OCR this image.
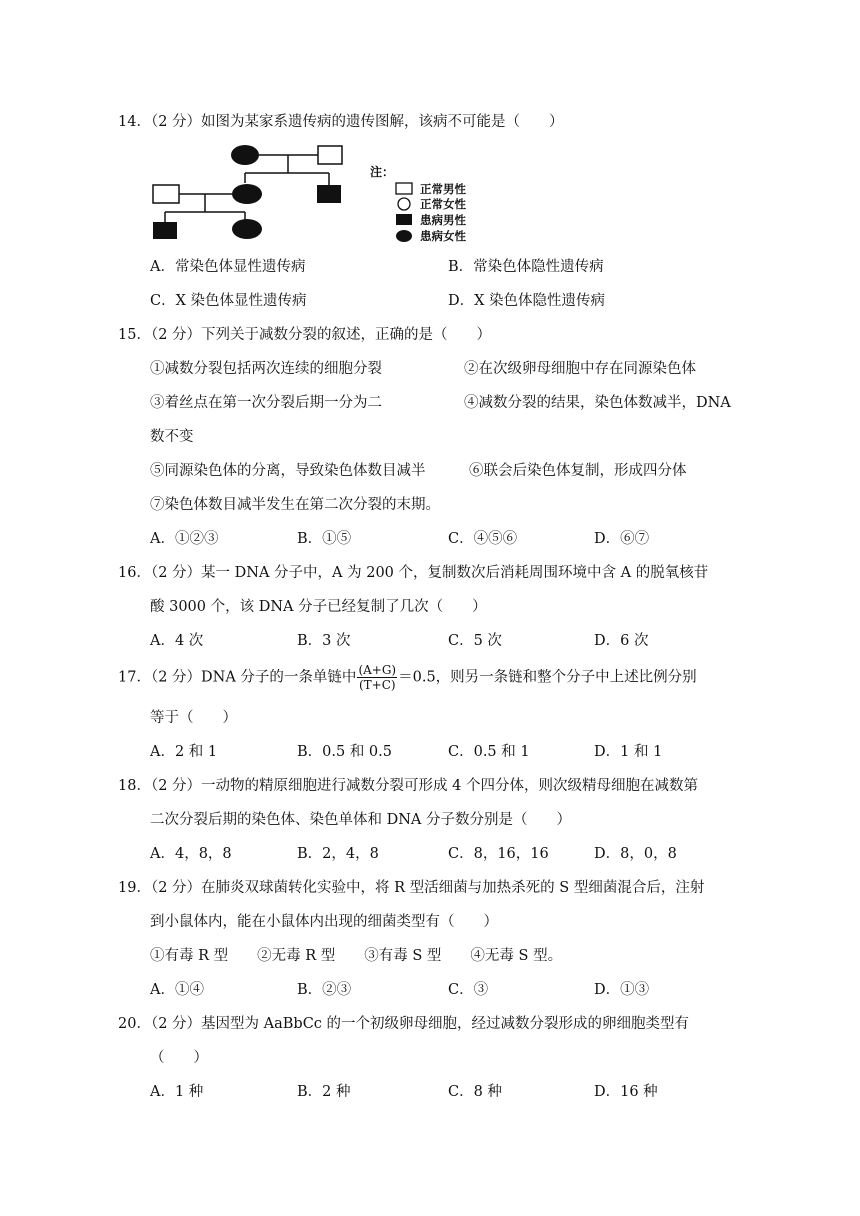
14．（2 分）如图为某家系遗传病的遗传图解，该病不可能是（　　）
注：
正常男性
正常女性
患病男性
患病女性
A．常染色体显性遗传病	B．常染色体隐性遗传病
C．X 染色体显性遗传病	D．X 染色体隐性遗传病
15．（2 分）下列关于减数分裂的叙述，正确的是（　　）
①减数分裂包括两次连续的细胞分裂	②在次级卵母细胞中存在同源染色体
③着丝点在第一次分裂后期一分为二	④减数分裂的结果，染色体数减半，DNA
数不变
⑤同源染色体的分离，导致染色体数目减半	⑥联会后染色体复制，形成四分体
⑦染色体数目减半发生在第二次分裂的末期。
A．①②③	B．①⑤	C．④⑤⑥	D．⑥⑦
16．（2 分）某一 DNA 分子中，A 为 200 个，复制数次后消耗周围环境中含 A 的脱氧核苷
酸 3000 个，该 DNA 分子已经复制了几次（　　）
A．4 次	B．3 次	C．5 次	D．6 次
17．（2 分）DNA 分子的一条单链中 $\frac{(A+G)}{(T+C)} =0.5$，则另一条链和整个分子中上述比例分别
等于（　　）
A．2 和 1	B．0.5 和 0.5	C．0.5 和 1	D．1 和 1
18．（2 分）一动物的精原细胞进行减数分裂可形成 4 个四分体，则次级精母细胞在减数第
二次分裂后期的染色体、染色单体和 DNA 分子数分别是（　　）
A．4，8，8	B．2，4，8	C．8，16，16	D．8，0，8
19．（2 分）在肺炎双球菌转化实验中，将 R 型活细菌与加热杀死的 S 型细菌混合后，注射
到小鼠体内，能在小鼠体内出现的细菌类型有（　　）
①有毒 R 型　　②无毒 R 型　　③有毒 S 型　　④无毒 S 型。
A．①④	B．②③	C．③	D．①③
20．（2 分）基因型为 AaBbCc 的一个初级卵母细胞，经过减数分裂形成的卵细胞类型有
（　　）
A．1 种	B．2 种	C．8 种	D．16 种
